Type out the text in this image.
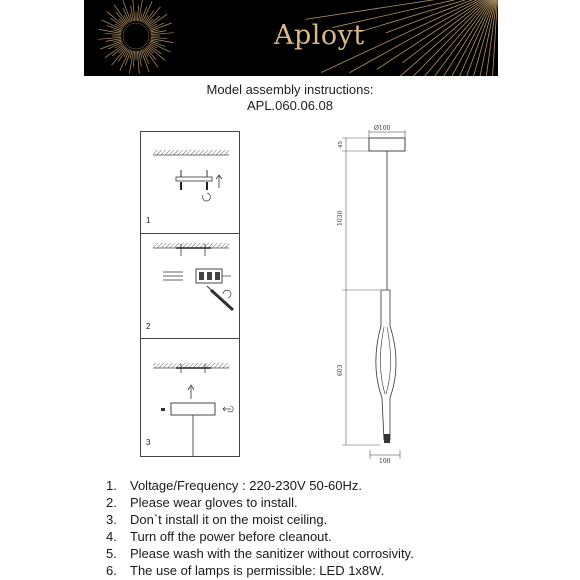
Aployt
Model assembly instructions:
APL.060.06.08
1
2
3
Ø100
45
1030
603
100
1. Voltage/Frequency : 220-230V 50-60Hz.
2. Please wear gloves to install.
3. Don`t install it on the moist ceiling.
4. Turn off the power before cleanout.
5. Please wash with the sanitizer without corrosivity.
6. The use of lamps is permissible: LED 1x8W.
